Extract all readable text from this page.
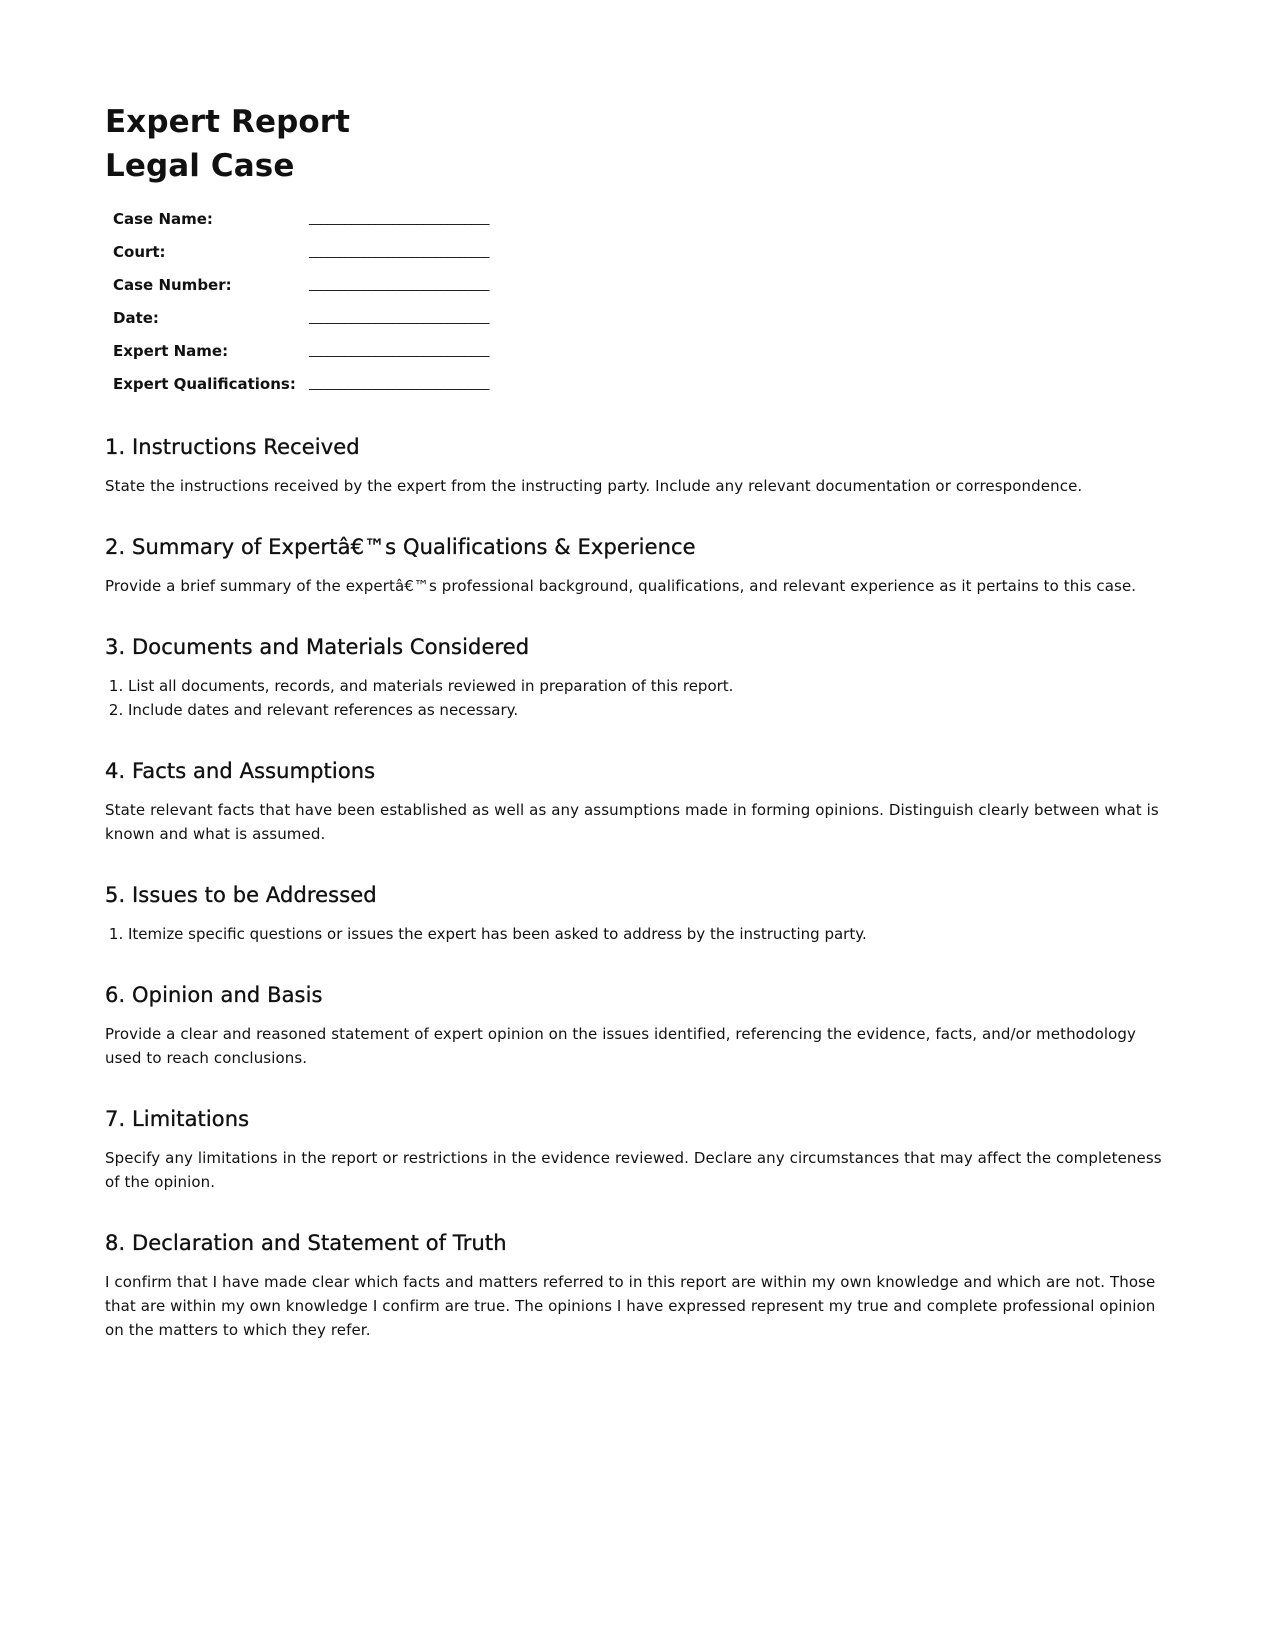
Expert Report
Legal Case
Case Name:	______________________________
Court:	______________________________
Case Number:	______________________________
Date:	______________________________
Expert Name:	______________________________
Expert Qualifications:	______________________________
1. Instructions Received

State the instructions received by the expert from the instructing party. Include any relevant documentation or correspondence.

2. Summary of Expertâ€™s Qualifications & Experience

Provide a brief summary of the expertâ€™s professional background, qualifications, and relevant experience as it pertains to this case.

3. Documents and Materials Considered
1. List all documents, records, and materials reviewed in preparation of this report.
2. Include dates and relevant references as necessary.
4. Facts and Assumptions

State relevant facts that have been established as well as any assumptions made in forming opinions. Distinguish clearly between what is known and what is assumed.

5. Issues to be Addressed
1. Itemize specific questions or issues the expert has been asked to address by the instructing party.
6. Opinion and Basis

Provide a clear and reasoned statement of expert opinion on the issues identified, referencing the evidence, facts, and/or methodology used to reach conclusions.

7. Limitations

Specify any limitations in the report or restrictions in the evidence reviewed. Declare any circumstances that may affect the completeness of the opinion.

8. Declaration and Statement of Truth

I confirm that I have made clear which facts and matters referred to in this report are within my own knowledge and which are not. Those that are within my own knowledge I confirm are true. The opinions I have expressed represent my true and complete professional opinion on the matters to which they refer.
